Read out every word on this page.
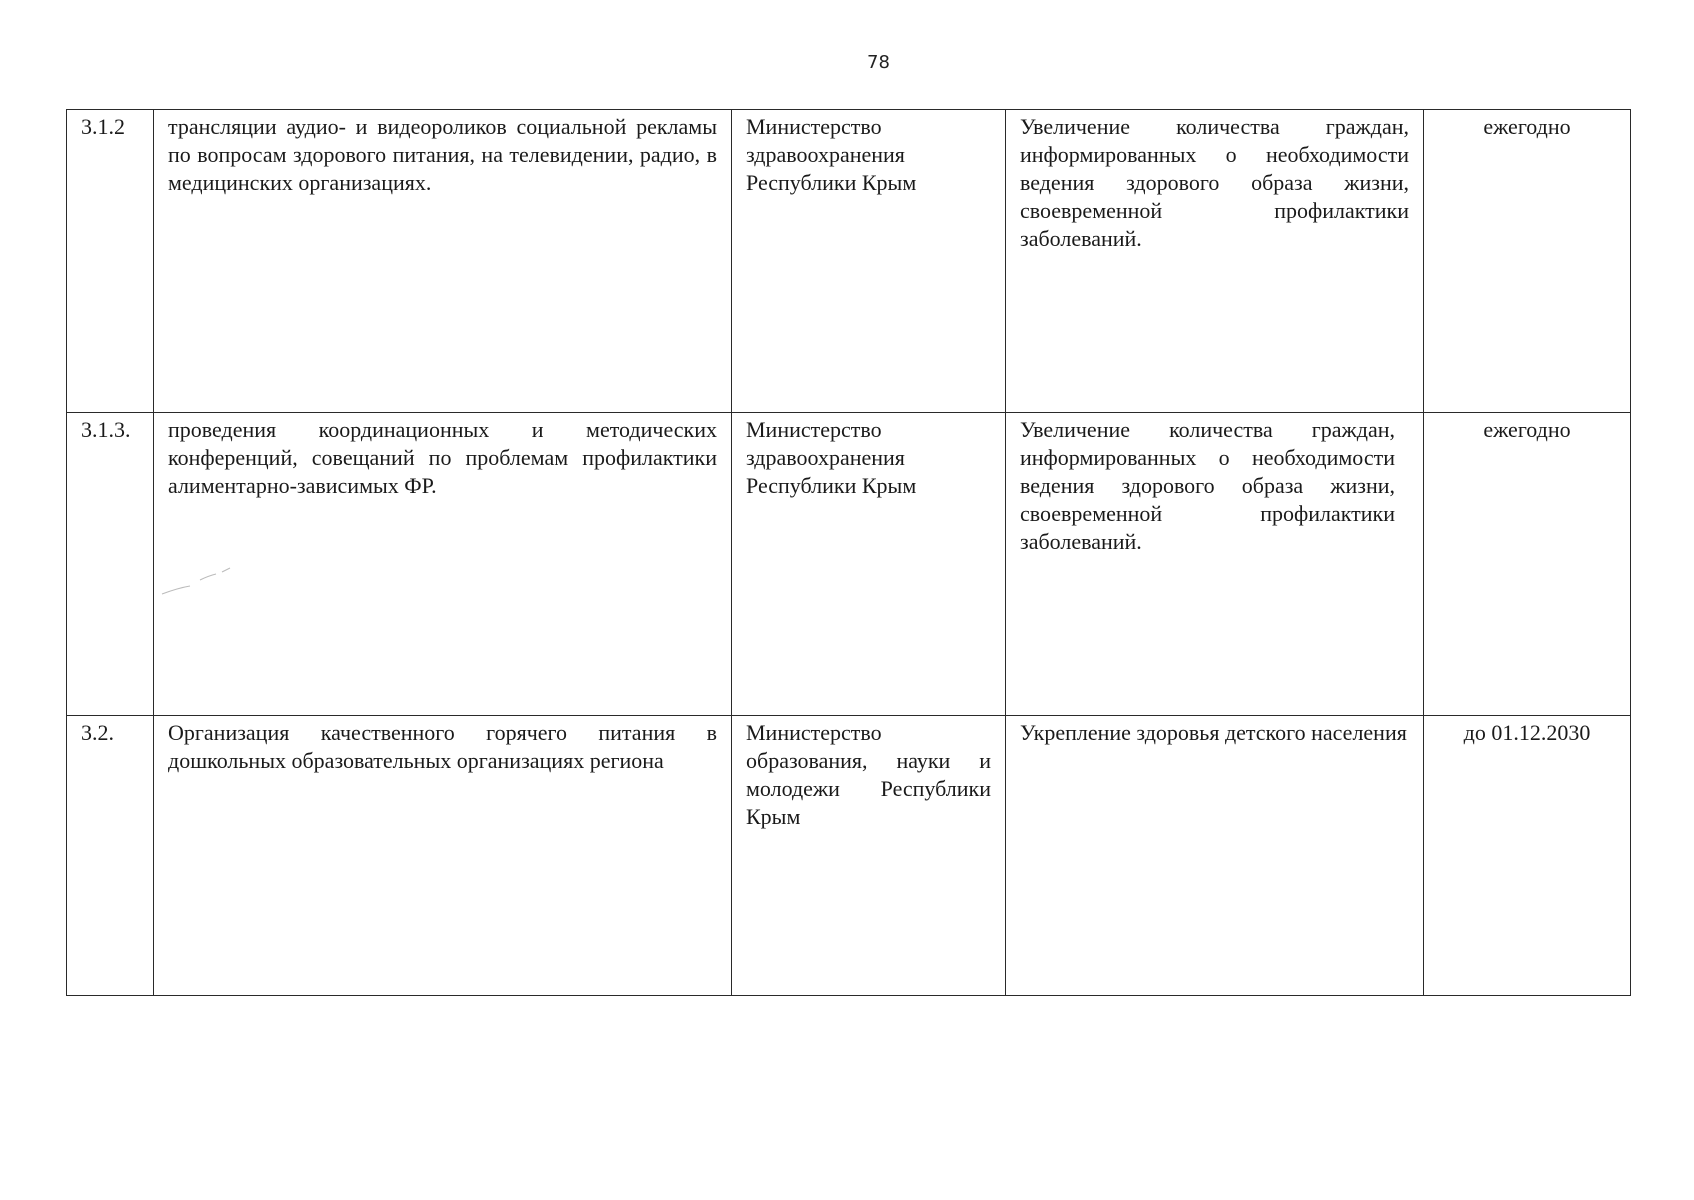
78
3.1.2	трансляции аудио- и видеороликов социальной рекламы по вопросам здорового питания, на телевидении, радио, в медицинских организациях.	Министерство здравоохранения Республики Крым	Увеличение количества граждан, информированных о необходимости ведения здорового образа жизни, своевременной профилактики заболеваний.	ежегодно
3.1.3.	проведения координационных и методических конференций, совещаний по проблемам профилактики алиментарно-зависимых ФР.	Министерство здравоохранения Республики Крым	Увеличение количества граждан, информированных о необходимости ведения здорового образа жизни, своевременной профилактики заболеваний.	ежегодно
3.2.	Организация качественного горячего питания в дошкольных образовательных организациях региона	Министерство образования, науки и молодежи Республики Крым	Укрепление здоровья детского населения	до 01.12.2030
